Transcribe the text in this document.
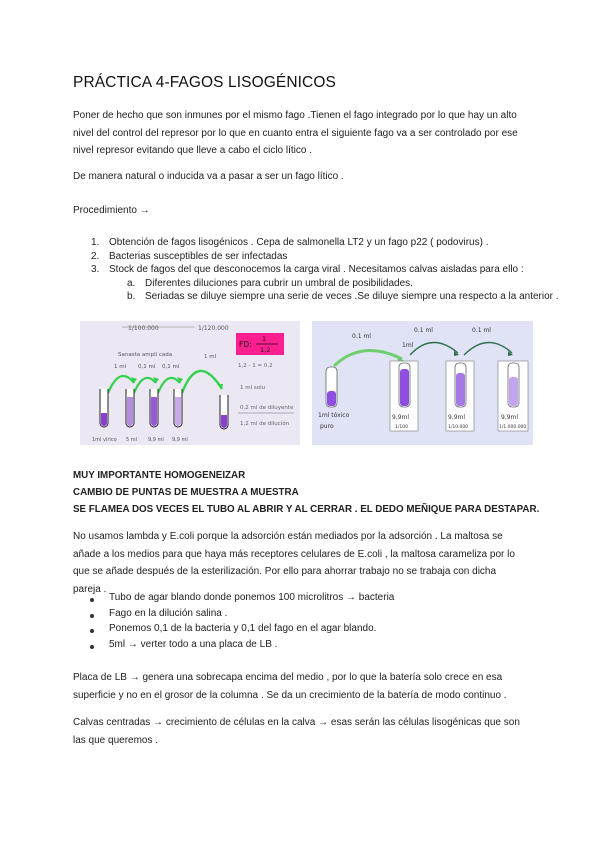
PRÁCTICA 4-FAGOS LISOGÉNICOS
Poner de hecho que son inmunes por el mismo fago .Tienen el fago integrado por lo que hay un alto nivel del control del represor por lo que en cuanto entra el siguiente fago va a ser controlado por ese nivel represor evitando que lleve a cabo el ciclo lítico .
De manera natural o inducida va a pasar a ser un fago lítico .
Procedimiento →
1. Obtención de fagos lisogénicos . Cepa de salmonella LT2 y un fago p22 ( podovirus) .
2. Bacterias susceptibles de ser infectadas
3. Stock de fagos del que desconocemos la carga viral . Necesitamos calvas aisladas para ello :
a. Diferentes diluciones para cubrir un umbral de posibilidades.
b. Seriadas se diluye siempre una serie de veces .Se diluye siempre una respecto a la anterior .
1/100.000	1/120.000
FD:
1
1,2
Sanasta ampli cada
1 ml 0,1 ml 0,1 ml
1 ml
1,2 - 1 = 0,2
1 ml solu
0,2 ml de diluyente
1,2 ml de dilución
1ml vírico 5 ml 9,9 ml 9,9 ml
0.1 ml
0.1 ml	0.1 ml
1ml
1ml tóxico
puro
9,9ml
1/100
9,9ml
1/10.000
9,9ml
1/1.000.000
MUY IMPORTANTE HOMOGENEIZAR
CAMBIO DE PUNTAS DE MUESTRA A MUESTRA
SE FLAMEA DOS VECES EL TUBO AL ABRIR Y AL CERRAR . EL DEDO MEÑIQUE PARA DESTAPAR.
No usamos lambda y E.coli porque la adsorción están mediados por la adsorción . La maltosa se añade a los medios para que haya más receptores celulares de E.coli , la maltosa carameliza por lo que se añade después de la esterilización. Por ello para ahorrar trabajo no se trabaja con dicha pareja .
Tubo de agar blando donde ponemos 100 microlitros → bacteria
Fago en la dilución salina .
Ponemos 0,1 de la bacteria y 0,1 del fago en el agar blando.
5ml → verter todo a una placa de LB .
Placa de LB → genera una sobrecapa encima del medio , por lo que la batería solo crece en esa superficie y no en el grosor de la columna . Se da un crecimiento de la batería de modo continuo .
Calvas centradas → crecimiento de células en la calva → esas serán las células lisogénicas que son las que queremos .
